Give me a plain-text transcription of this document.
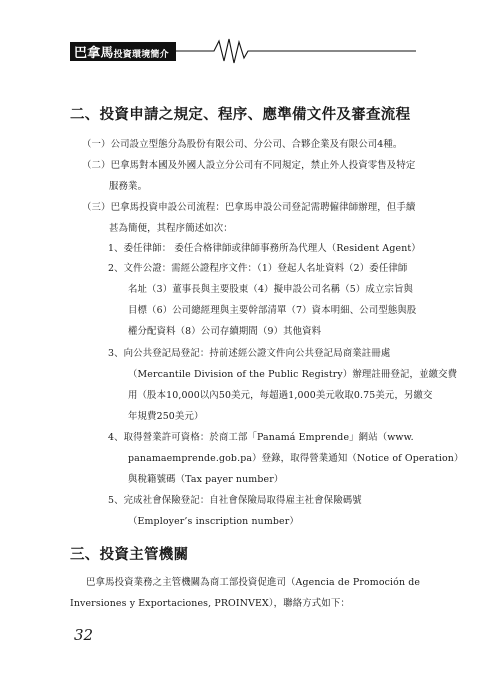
巴拿馬投資環境簡介
二、投資申請之規定、程序、應準備文件及審查流程
（一）公司設立型態分為股份有限公司、分公司、合夥企業及有限公司4種。
（二）巴拿馬對本國及外國人設立分公司有不同規定，禁止外人投資零售及特定
服務業。
（三）巴拿馬投資申設公司流程：巴拿馬申設公司登記需聘僱律師辦理，但手續
甚為簡便，其程序簡述如次：
1、委任律師： 委任合格律師或律師事務所為代理人（Resident Agent）
2、文件公證：需經公證程序文件：（1）登起人名址資料（2）委任律師
名址（3）董事長與主要股東（4）擬申設公司名稱（5）成立宗旨與
目標（6）公司總經理與主要幹部清單（7）資本明細、公司型態與股
權分配資料（8）公司存續期間（9）其他資料
3、向公共登記局登記：持前述經公證文件向公共登記局商業註冊處
（Mercantile Division of the Public Registry）辦理註冊登記，並繳交費
用（股本10,000以內50美元，每超過1,000美元收取0.75美元，另繳交
年規費250美元）
4、取得營業許可資格：於商工部「Panamá Emprende」網站（www.
panamaemprende.gob.pa）登錄，取得營業通知（Notice of Operation）
與稅籍號碼（Tax payer number）
5、完成社會保險登記：自社會保險局取得雇主社會保險碼號
（Employer’s inscription number）
三、投資主管機關
巴拿馬投資業務之主管機關為商工部投資促進司（Agencia de Promoción de
Inversiones y Exportaciones, PROINVEX），聯絡方式如下：
32
